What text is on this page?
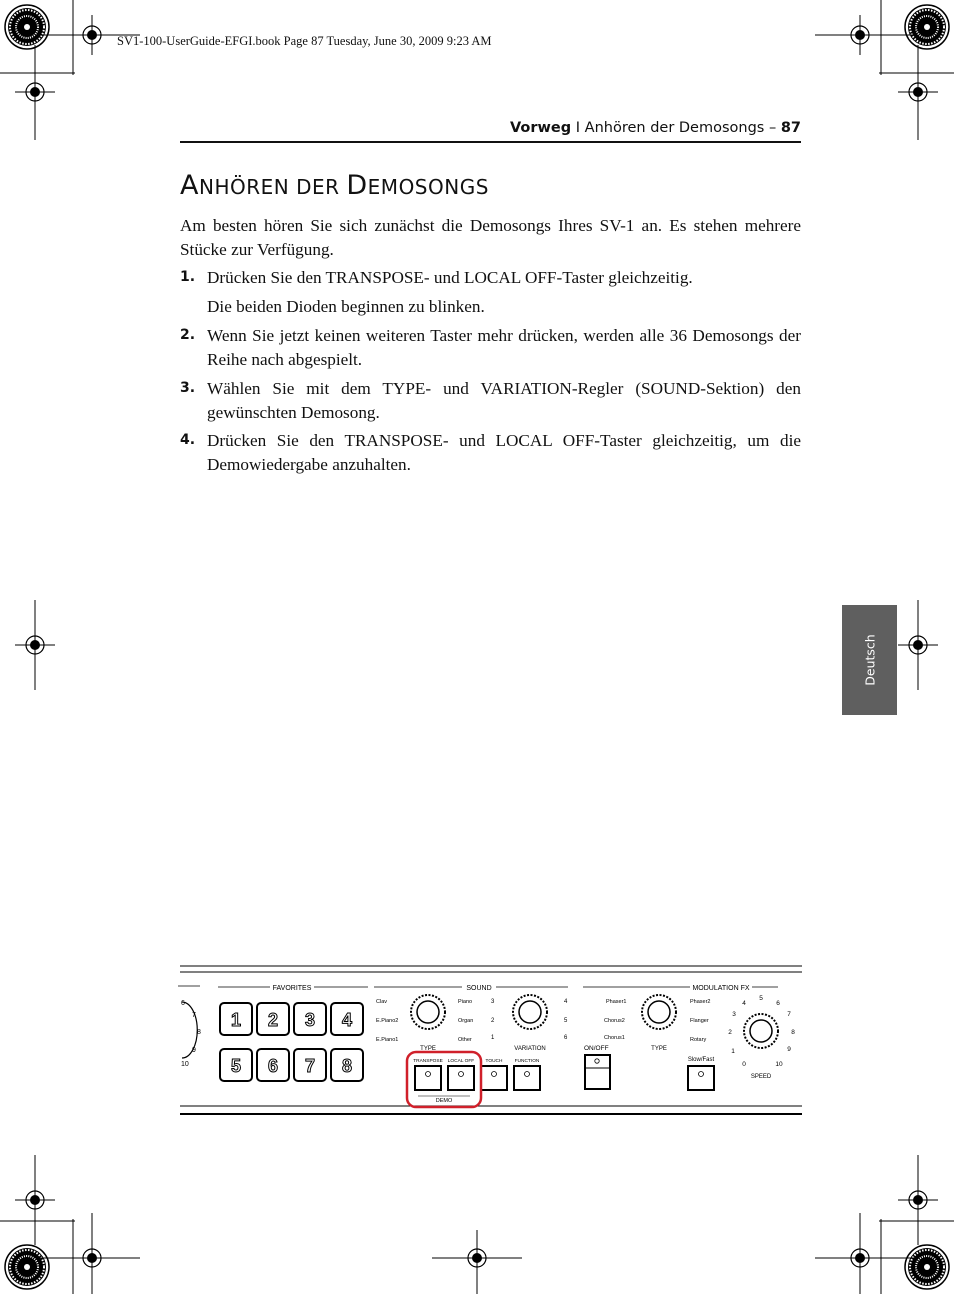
SV1-100-UserGuide-EFGI.book Page 87 Tuesday, June 30, 2009 9:23 AM
Vorweg I Anhören der Demosongs – 87
ANHÖREN DER DEMOSONGS
Am besten hören Sie sich zunächst die Demosongs Ihres SV-1 an. Es stehen mehrere Stücke zur Verfügung.
1. Drücken Sie den TRANSPOSE- und LOCAL OFF-Taster gleichzeitig.
Die beiden Dioden beginnen zu blinken.
2. Wenn Sie jetzt keinen weiteren Taster mehr drücken, werden alle 36 Demosongs der Reihe nach abgespielt.
3. Wählen Sie mit dem TYPE- und VARIATION-Regler (SOUND-Sektion) den gewünschten Demosong.
4. Drücken Sie den TRANSPOSE- und LOCAL OFF-Taster gleichzeitig, um die Demowiedergabe anzuhalten.
Deutsch
6
7
8
9
10
FAVORITES
1 2 3 4
5 6 7 8
SOUND
Clav	Piano
E.Piano2	Organ
E.Piano1	Other
TYPE
3	4
2	5
1	6
VARIATION
TRANSPOSE LOCAL OFF TOUCH	FUNCTION
DEMO
MODULATION FX
Phaser1	Phaser2
Chorus2	Flanger
Chorus1	Rotary
TYPE
ON/OFF
Slow/Fast
0
1
2
3
4
5
6
7
8
9
10
SPEED
